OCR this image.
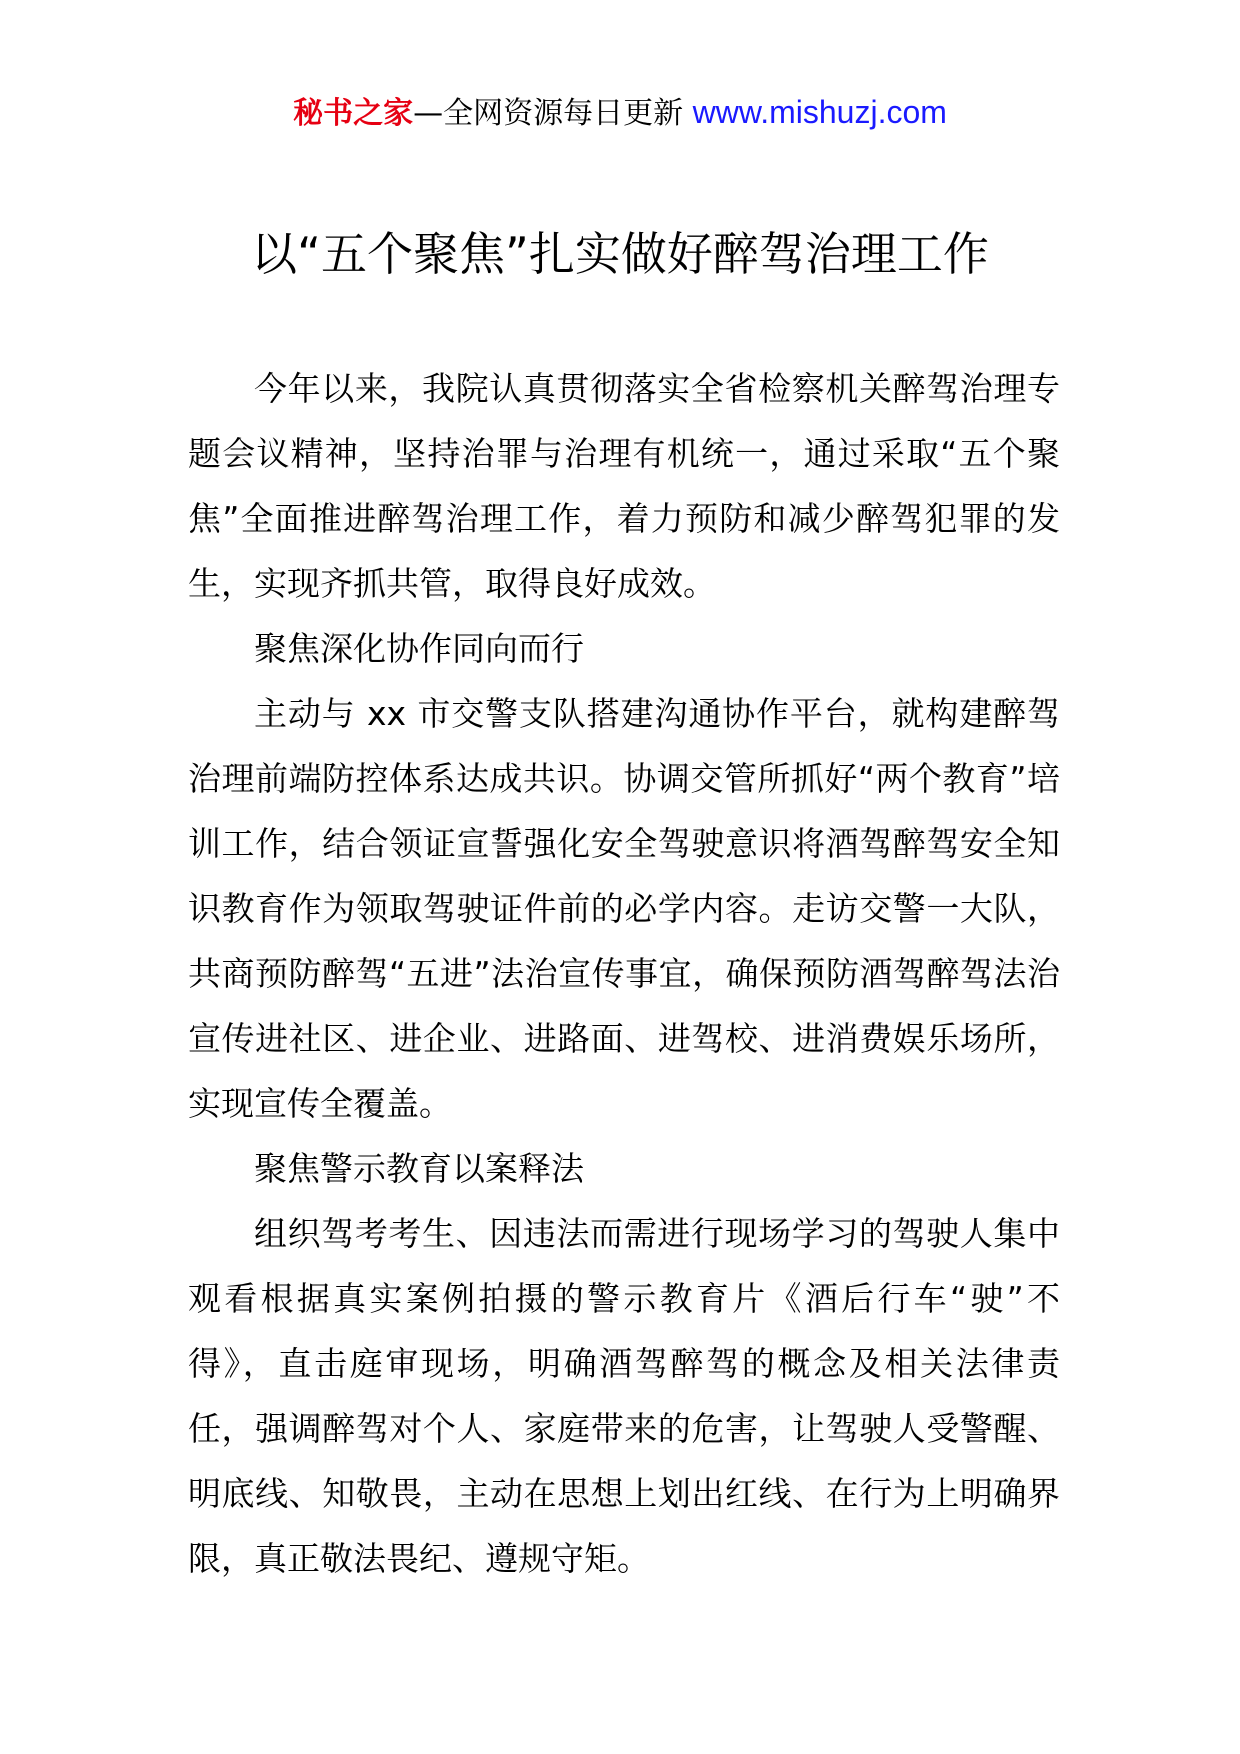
秘书之家—全网资源每日更新 www.mishuzj.com
以“五个聚焦”扎实做好醉驾治理工作

今年以来，我院认真贯彻落实全省检察机关醉驾治理专题会议精神，坚持治罪与治理有机统一，通过采取“五个聚焦”全面推进醉驾治理工作，着力预防和减少醉驾犯罪的发生，实现齐抓共管，取得良好成效。

聚焦深化协作同向而行

主动与 xx 市交警支队搭建沟通协作平台，就构建醉驾治理前端防控体系达成共识。协调交管所抓好“两个教育”培训工作，结合领证宣誓强化安全驾驶意识将酒驾醉驾安全知识教育作为领取驾驶证件前的必学内容。走访交警一大队，共商预防醉驾“五进”法治宣传事宜，确保预防酒驾醉驾法治宣传进社区、进企业、进路面、进驾校、进消费娱乐场所，实现宣传全覆盖。

聚焦警示教育以案释法

组织驾考考生、因违法而需进行现场学习的驾驶人集中观看根据真实案例拍摄的警示教育片《酒后行车“驶”不得》，直击庭审现场，明确酒驾醉驾的概念及相关法律责任，强调醉驾对个人、家庭带来的危害，让驾驶人受警醒、明底线、知敬畏，主动在思想上划出红线、在行为上明确界限，真正敬法畏纪、遵规守矩。
